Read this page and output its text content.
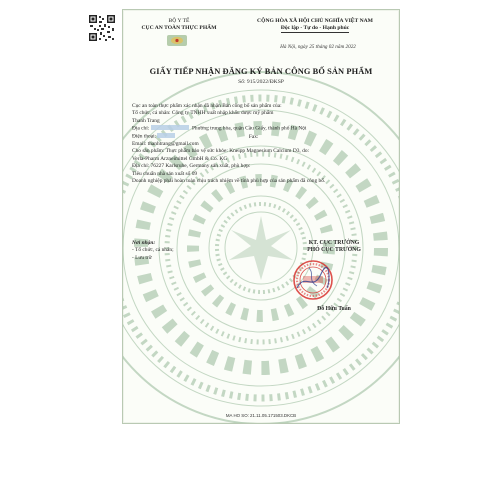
BỘ Y TẾ
CỤC AN TOÀN THỰC PHẨM
CỘNG HÒA XÃ HỘI CHỦ NGHĨA VIỆT NAM
Độc lập - Tự do - Hạnh phúc
Hà Nội, ngày 25 tháng 02 năm 2022
GIẤY TIẾP NHẬN ĐĂNG KÝ BẢN CÔNG BỐ SẢN PHẨM
Số: 915/2022/ĐKSP
Cục an toàn thực phẩm xác nhận đã nhận Bản công bố sản phẩm của:
Tổ chức, cá nhân: Công ty TNHH xuất nhập khẩu dược mỹ phẩm
Thanh Trang
Địa chỉ:	Phường trung hòa, quận Cầu Giấy, thành phố Hà Nội
Điện thoại:	Fax:
Email: thanhtrang@gmail.com
Cho sản phẩm: Thực phẩm bảo vệ sức khỏe: Kneipp Magnesium Calcium D3, do:
Verla-Pharm Arzneimittel GmbH & Co. KG
Địa chỉ: 76227 Karlsruhe, Germany sản xuất, phù hợp:
Tiêu chuẩn nhà sản xuất số 09
Doanh nghiệp phải hoàn toàn chịu trách nhiệm về tính phù hợp của sản phẩm đã công bố.
Nơi nhận:
- Tổ chức, cá nhân;
- Lưu trữ
KT. CỤC TRƯỞNG
PHÓ CỤC TRƯỞNG
Đỗ Hữu Tuấn
MA HO SO: 21.11.05.171503.DKCB
